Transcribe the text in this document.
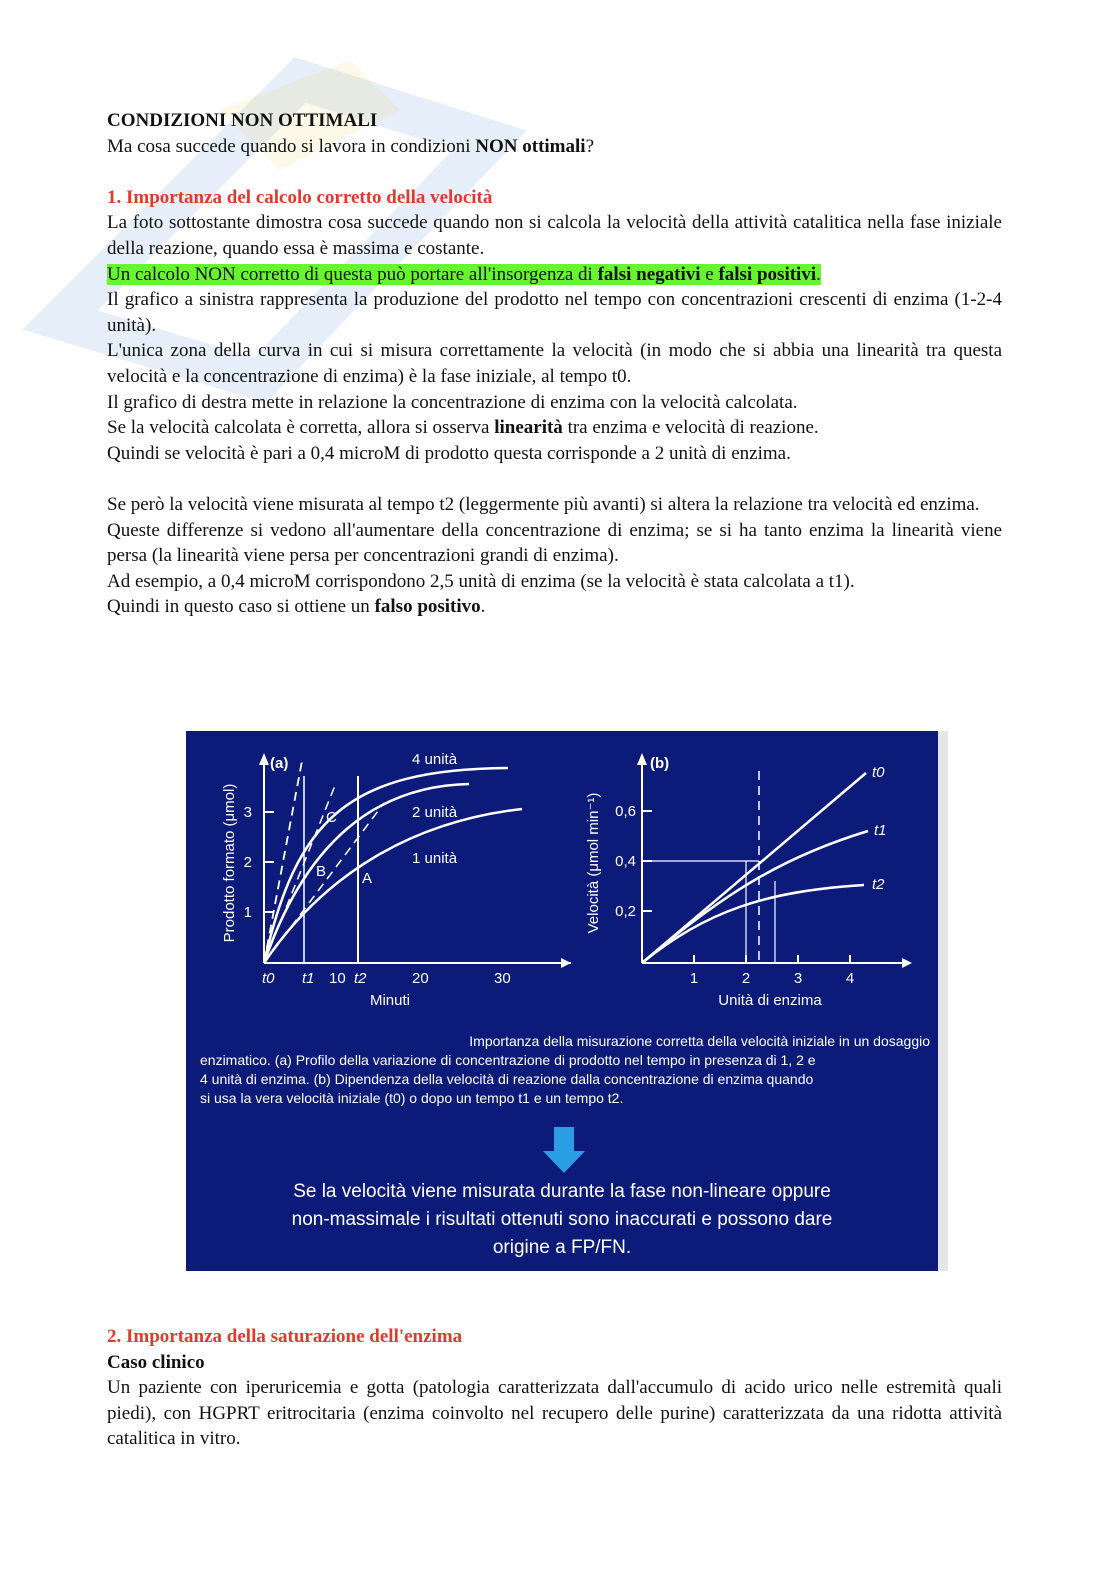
CONDIZIONI NON OTTIMALI

Ma cosa succede quando si lavora in condizioni NON ottimali?

1. Importanza del calcolo corretto della velocità

La foto sottostante dimostra cosa succede quando non si calcola la velocità della attività catalitica nella fase iniziale della reazione, quando essa è massima e costante.

Un calcolo NON corretto di questa può portare all'insorgenza di falsi negativi e falsi positivi.

Il grafico a sinistra rappresenta la produzione del prodotto nel tempo con concentrazioni crescenti di enzima (1-2-4 unità).

L'unica zona della curva in cui si misura correttamente la velocità (in modo che si abbia una linearità tra questa velocità e la concentrazione di enzima) è la fase iniziale, al tempo t0.

Il grafico di destra mette in relazione la concentrazione di enzima con la velocità calcolata.

Se la velocità calcolata è corretta, allora si osserva linearità tra enzima e velocità di reazione.

Quindi se velocità è pari a 0,4 microM di prodotto questa corrisponde a 2 unità di enzima.

Se però la velocità viene misurata al tempo t2 (leggermente più avanti) si altera la relazione tra velocità ed enzima.

Queste differenze si vedono all'aumentare della concentrazione di enzima; se si ha tanto enzima la linearità viene persa (la linearità viene persa per concentrazioni grandi di enzima).

Ad esempio, a 0,4 microM corrispondono 2,5 unità di enzima (se la velocità è stata calcolata a t1).

Quindi in questo caso si ottiene un falso positivo.

(a)
1
2
3
t0 t1 10 t2	20	30
Minuti
Prodotto formato (μmol)
4 unità
2 unità
1 unità
A
B
C
(b)
0,2
0,4
0,6
1	2	3	4
Unità di enzima
Velocità (μmol min⁻¹)
t0
t1
t2
Importanza della misurazione corretta della velocità iniziale in un dosaggio
enzimatico. (a) Profilo della variazione di concentrazione di prodotto nel tempo in presenza di 1, 2 e
4 unità di enzima. (b) Dipendenza della velocità di reazione dalla concentrazione di enzima quando
si usa la vera velocità iniziale (t0) o dopo un tempo t1 e un tempo t2.
Se la velocità viene misurata durante la fase non-lineare oppure
non-massimale i risultati ottenuti sono inaccurati e possono dare
origine a FP/FN.

2. Importanza della saturazione dell'enzima

Caso clinico

Un paziente con iperuricemia e gotta (patologia caratterizzata dall'accumulo di acido urico nelle estremità quali piedi), con HGPRT eritrocitaria (enzima coinvolto nel recupero delle purine) caratterizzata da una ridotta attività catalitica in vitro.
